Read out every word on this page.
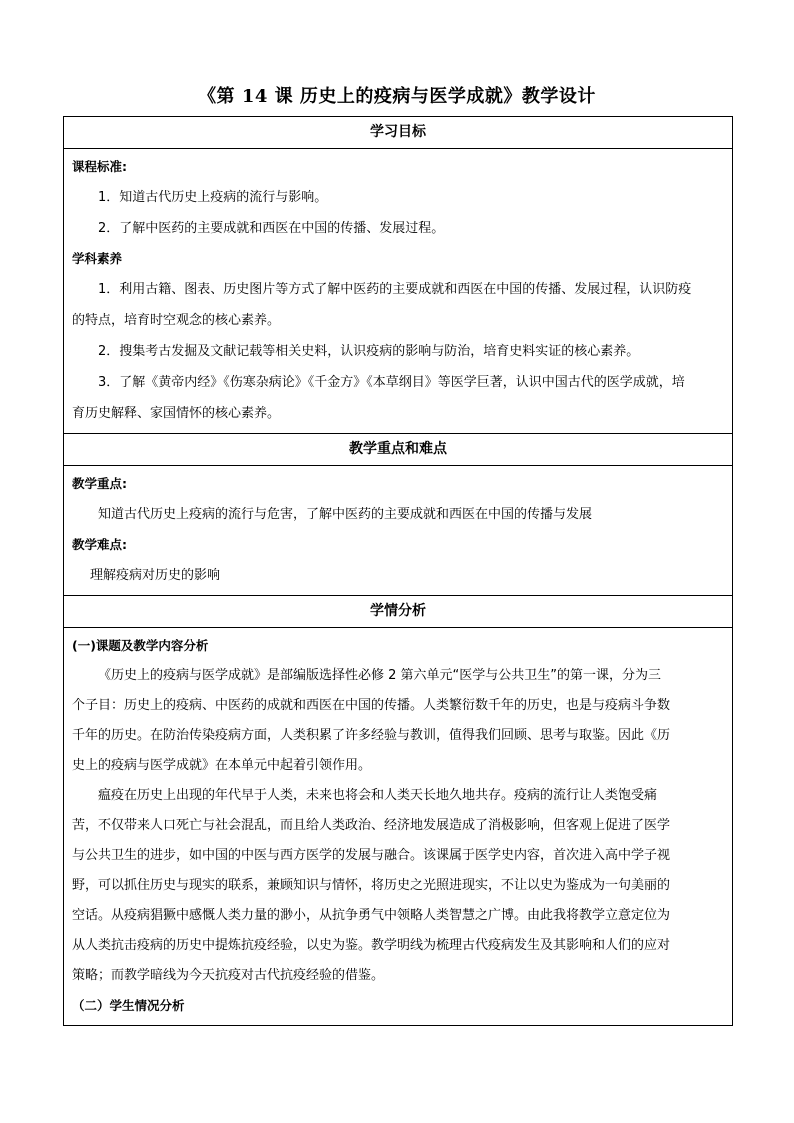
《第 14 课 历史上的疫病与医学成就》教学设计
学习目标
课程标准:
1．知道古代历史上疫病的流行与影响。
2．了解中医药的主要成就和西医在中国的传播、发展过程。
学科素养
1．利用古籍、图表、历史图片等方式了解中医药的主要成就和西医在中国的传播、发展过程，认识防疫
的特点，培育时空观念的核心素养。
2．搜集考古发掘及文献记载等相关史料，认识疫病的影响与防治，培育史料实证的核心素养。
3．了解《黄帝内经》《伤寒杂病论》《千金方》《本草纲目》等医学巨著，认识中国古代的医学成就，培
育历史解释、家国情怀的核心素养。
教学重点和难点
教学重点:
知道古代历史上疫病的流行与危害，了解中医药的主要成就和西医在中国的传播与发展
教学难点:
理解疫病对历史的影响
学情分析
(一)课题及教学内容分析
《历史上的疫病与医学成就》是部编版选择性必修 2 第六单元“医学与公共卫生”的第一课，分为三
个子目：历史上的疫病、中医药的成就和西医在中国的传播。人类繁衍数千年的历史，也是与疫病斗争数
千年的历史。在防治传染疫病方面，人类积累了许多经验与教训，值得我们回顾、思考与取鉴。因此《历
史上的疫病与医学成就》在本单元中起着引领作用。
瘟疫在历史上出现的年代早于人类，未来也将会和人类天长地久地共存。疫病的流行让人类饱受痛
苦，不仅带来人口死亡与社会混乱，而且给人类政治、经济地发展造成了消极影响，但客观上促进了医学
与公共卫生的进步，如中国的中医与西方医学的发展与融合。该课属于医学史内容，首次进入高中学子视
野，可以抓住历史与现实的联系，兼顾知识与情怀，将历史之光照进现实，不让以史为鉴成为一句美丽的
空话。从疫病猖獗中感慨人类力量的渺小，从抗争勇气中领略人类智慧之广博。由此我将教学立意定位为
从人类抗击疫病的历史中提炼抗疫经验，以史为鉴。教学明线为梳理古代疫病发生及其影响和人们的应对
策略；而教学暗线为今天抗疫对古代抗疫经验的借鉴。
（二）学生情况分析
